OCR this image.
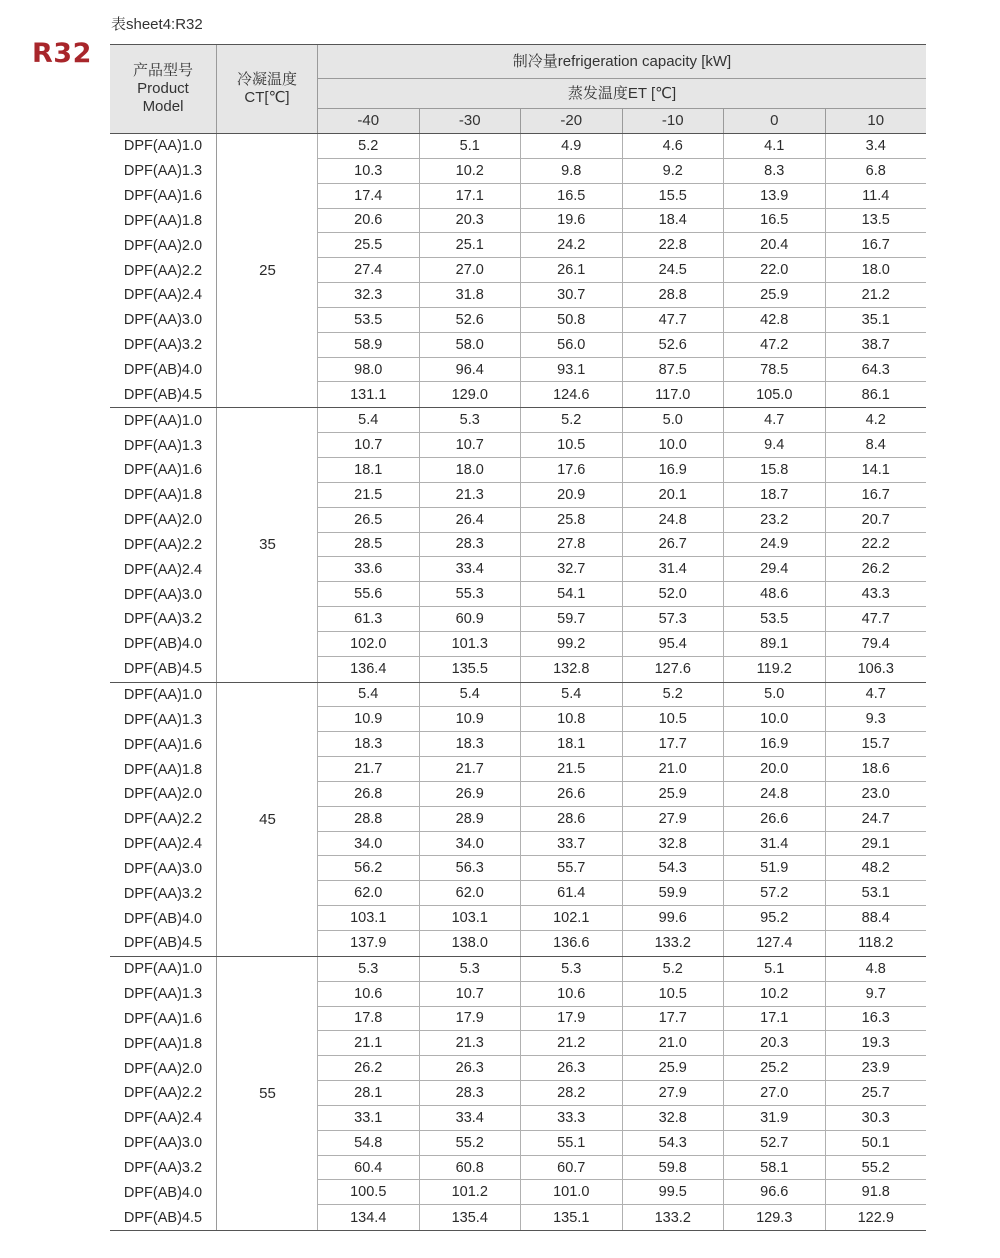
表sheet4:R32
R32
产品型号
Product
Model
冷凝温度
CT[℃]
制冷量refrigeration capacity [kW]
蒸发温度ET [℃]
-40	-30	-20	-10	0	10
25
DPF(AA)1.0	5.2	5.1	4.9	4.6	4.1	3.4
DPF(AA)1.3	10.3	10.2	9.8	9.2	8.3	6.8
DPF(AA)1.6	17.4	17.1	16.5	15.5	13.9	11.4
DPF(AA)1.8	20.6	20.3	19.6	18.4	16.5	13.5
DPF(AA)2.0	25.5	25.1	24.2	22.8	20.4	16.7
DPF(AA)2.2	27.4	27.0	26.1	24.5	22.0	18.0
DPF(AA)2.4	32.3	31.8	30.7	28.8	25.9	21.2
DPF(AA)3.0	53.5	52.6	50.8	47.7	42.8	35.1
DPF(AA)3.2	58.9	58.0	56.0	52.6	47.2	38.7
DPF(AB)4.0	98.0	96.4	93.1	87.5	78.5	64.3
DPF(AB)4.5	131.1	129.0	124.6	117.0	105.0	86.1
35
DPF(AA)1.0	5.4	5.3	5.2	5.0	4.7	4.2
DPF(AA)1.3	10.7	10.7	10.5	10.0	9.4	8.4
DPF(AA)1.6	18.1	18.0	17.6	16.9	15.8	14.1
DPF(AA)1.8	21.5	21.3	20.9	20.1	18.7	16.7
DPF(AA)2.0	26.5	26.4	25.8	24.8	23.2	20.7
DPF(AA)2.2	28.5	28.3	27.8	26.7	24.9	22.2
DPF(AA)2.4	33.6	33.4	32.7	31.4	29.4	26.2
DPF(AA)3.0	55.6	55.3	54.1	52.0	48.6	43.3
DPF(AA)3.2	61.3	60.9	59.7	57.3	53.5	47.7
DPF(AB)4.0	102.0	101.3	99.2	95.4	89.1	79.4
DPF(AB)4.5	136.4	135.5	132.8	127.6	119.2	106.3
45
DPF(AA)1.0	5.4	5.4	5.4	5.2	5.0	4.7
DPF(AA)1.3	10.9	10.9	10.8	10.5	10.0	9.3
DPF(AA)1.6	18.3	18.3	18.1	17.7	16.9	15.7
DPF(AA)1.8	21.7	21.7	21.5	21.0	20.0	18.6
DPF(AA)2.0	26.8	26.9	26.6	25.9	24.8	23.0
DPF(AA)2.2	28.8	28.9	28.6	27.9	26.6	24.7
DPF(AA)2.4	34.0	34.0	33.7	32.8	31.4	29.1
DPF(AA)3.0	56.2	56.3	55.7	54.3	51.9	48.2
DPF(AA)3.2	62.0	62.0	61.4	59.9	57.2	53.1
DPF(AB)4.0	103.1	103.1	102.1	99.6	95.2	88.4
DPF(AB)4.5	137.9	138.0	136.6	133.2	127.4	118.2
55
DPF(AA)1.0	5.3	5.3	5.3	5.2	5.1	4.8
DPF(AA)1.3	10.6	10.7	10.6	10.5	10.2	9.7
DPF(AA)1.6	17.8	17.9	17.9	17.7	17.1	16.3
DPF(AA)1.8	21.1	21.3	21.2	21.0	20.3	19.3
DPF(AA)2.0	26.2	26.3	26.3	25.9	25.2	23.9
DPF(AA)2.2	28.1	28.3	28.2	27.9	27.0	25.7
DPF(AA)2.4	33.1	33.4	33.3	32.8	31.9	30.3
DPF(AA)3.0	54.8	55.2	55.1	54.3	52.7	50.1
DPF(AA)3.2	60.4	60.8	60.7	59.8	58.1	55.2
DPF(AB)4.0	100.5	101.2	101.0	99.5	96.6	91.8
DPF(AB)4.5	134.4	135.4	135.1	133.2	129.3	122.9
